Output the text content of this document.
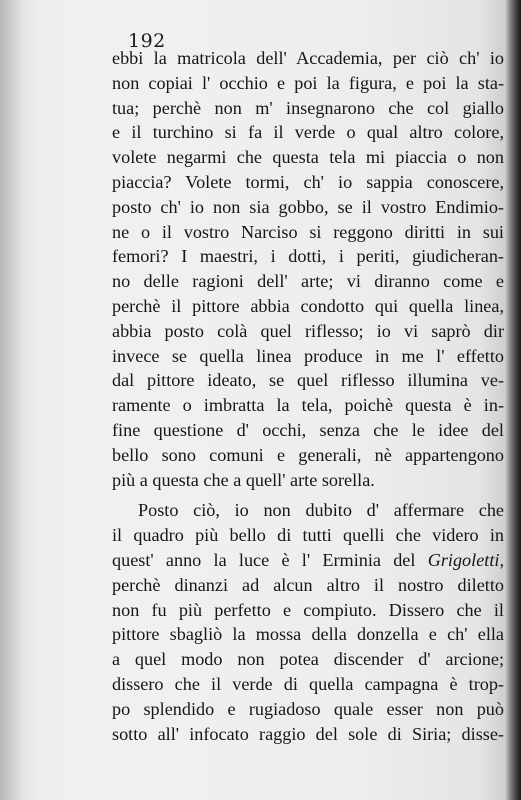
192
ebbi la matricola dell' Accademia, per ciò ch' io
non copiai l' occhio e poi la figura, e poi la sta-
tua; perchè non m' insegnarono che col giallo
e il turchino si fa il verde o qual altro colore,
volete negarmi che questa tela mi piaccia o non
piaccia? Volete tormi, ch' io sappia conoscere,
posto ch' io non sia gobbo, se il vostro Endimio-
ne o il vostro Narciso si reggono diritti in sui
femori? I maestri, i dotti, i periti, giudicheran-
no delle ragioni dell' arte; vi diranno come e
perchè il pittore abbia condotto qui quella linea,
abbia posto colà quel riflesso; io vi saprò dir
invece se quella linea produce in me l' effetto
dal pittore ideato, se quel riflesso illumina ve-
ramente o imbratta la tela, poichè questa è in-
fine questione d' occhi, senza che le idee del
bello sono comuni e generali, nè appartengono
più a questa che a quell' arte sorella.
Posto ciò, io non dubito d' affermare che
il quadro più bello di tutti quelli che videro in
quest' anno la luce è l' Erminia del Grigoletti,
perchè dinanzi ad alcun altro il nostro diletto
non fu più perfetto e compiuto. Dissero che il
pittore sbagliò la mossa della donzella e ch' ella
a quel modo non potea discender d' arcione;
dissero che il verde di quella campagna è trop-
po splendido e rugiadoso quale esser non può
sotto all' infocato raggio del sole di Siria; disse-
